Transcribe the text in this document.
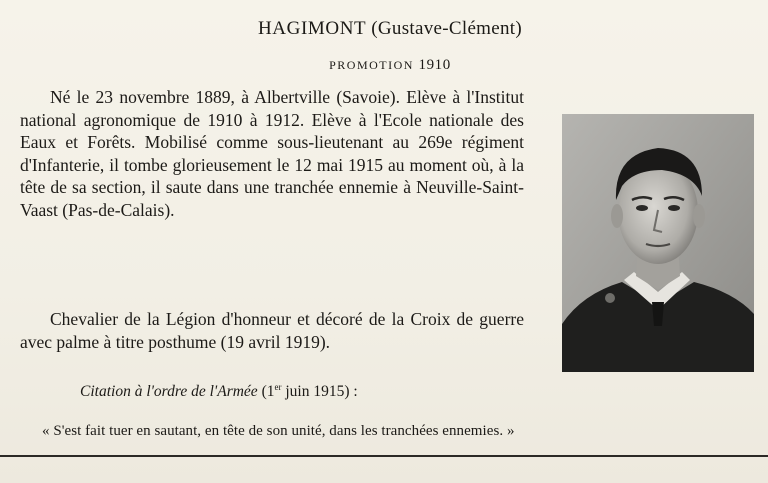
HAGIMONT (Gustave-Clément)
PROMOTION 1910

Né le 23 novembre 1889, à Albertville (Savoie). Elève à l'Institut national agronomique de 1910 à 1912. Elève à l'Ecole nationale des Eaux et Forêts. Mobilisé comme sous-lieutenant au 269e régiment d'Infanterie, il tombe glorieusement le 12 mai 1915 au moment où, à la tête de sa section, il saute dans une tranchée ennemie à Neuville-Saint-Vaast (Pas-de-Calais).

Chevalier de la Légion d'honneur et décoré de la Croix de guerre avec palme à titre posthume (19 avril 1919).

Citation à l'ordre de l'Armée (1er juin 1915) :
« S'est fait tuer en sautant, en tête de son unité, dans les tranchées ennemies. »
